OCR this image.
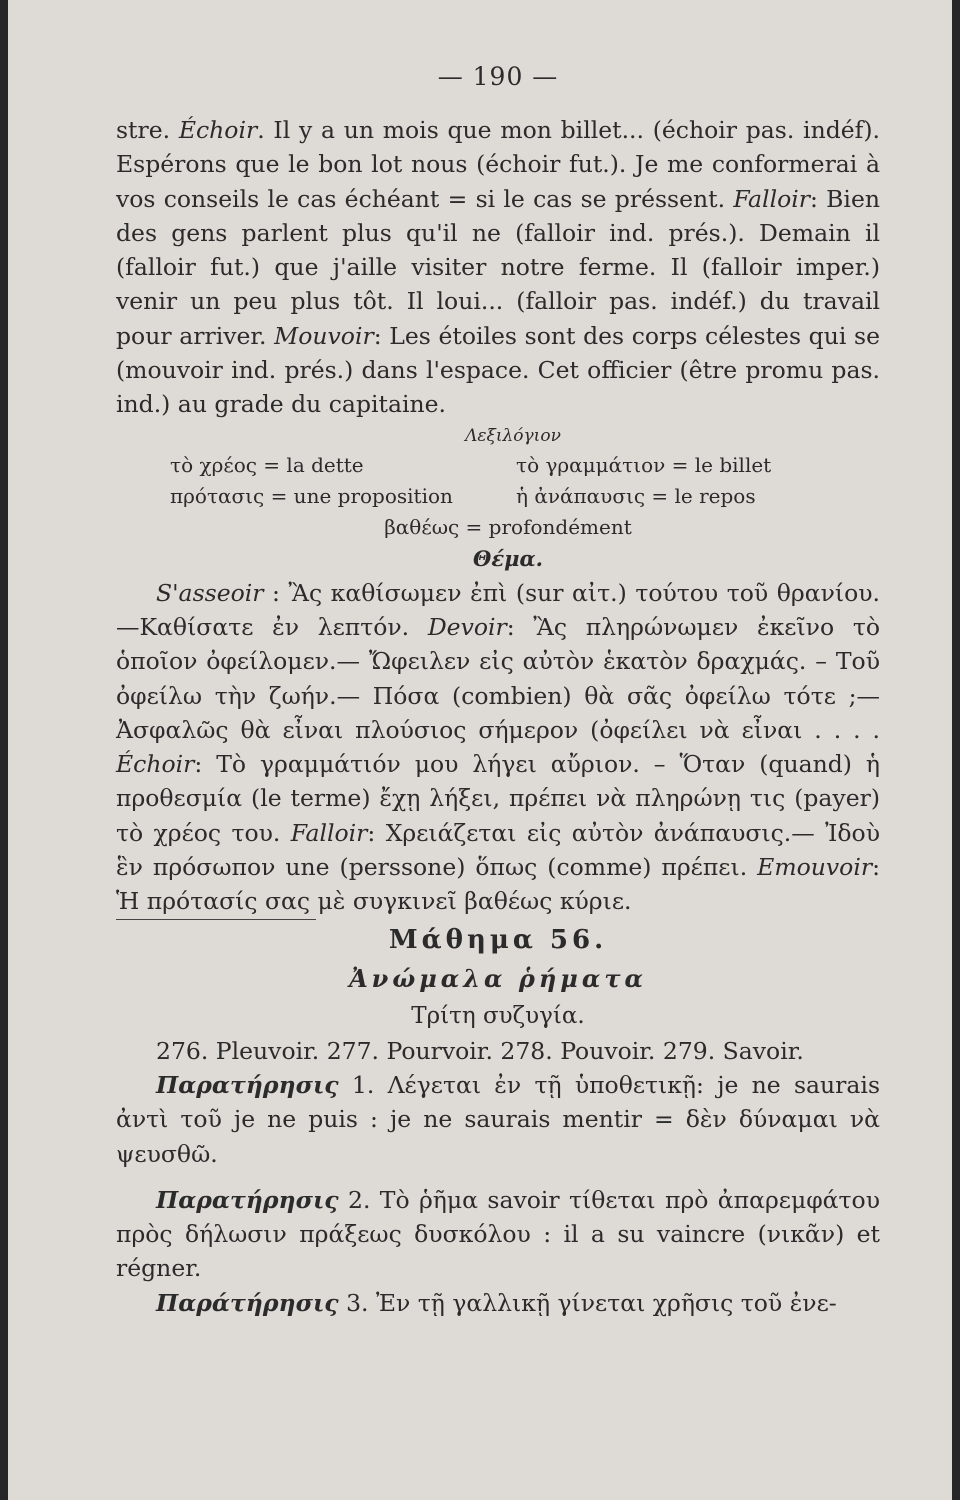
— 190 —

stre. Échoir. Il y a un mois que mon billet... (échoir pas. indéf). Espérons que le bon lot nous (échoir fut.). Je me conformerai à vos conseils le cas échéant = si le cas se préssent. Falloir: Bien des gens parlent plus qu'il ne (falloir ind. prés.). Demain il (falloir fut.) que j'aille visiter notre ferme. Il (falloir imper.) venir un peu plus tôt. Il loui... (falloir pas. indéf.) du travail pour arriver. Mouvoir: Les étoiles sont des corps célestes qui se (mouvoir ind. prés.) dans l'espace. Cet officier (être promu pas. ind.) au grade du capitaine.

Λεξιλόγιον
τὸ χρέος = la dette	τὸ γραμμάτιον = le billet
πρότασις = une proposition	ἡ ἀνάπαυσις = le repos
βαθέως = profondément
Θέμα.

S'asseoir : Ἂς καθίσωμεν ἐπὶ (sur αἰτ.) τούτου τοῦ θρανίου.—Καθίσατε ἐν λεπτόν. Devoir: Ἂς πληρώνωμεν ἐκεῖνο τὸ ὁποῖον ὀφείλομεν.— Ὤφειλεν εἰς αὐτὸν ἑκατὸν δραχμάς. – Τοῦ ὀφείλω τὴν ζωήν.— Πόσα (combien) θὰ σᾶς ὀφείλω τότε ;— Ἀσφαλῶς θὰ εἶναι πλούσιος σήμερον (ὀφείλει νὰ εἶναι . . . . Échoir: Τὸ γραμμάτιόν μου λήγει αὔριον. – Ὅταν (quand) ἡ προθεσμία (le terme) ἔχῃ λήξει, πρέπει νὰ πληρώνῃ τις (payer) τὸ χρέος του. Falloir: Χρειάζεται εἰς αὐτὸν ἀνάπαυσις.— Ἰδοὺ ἓν πρόσωπον une (perssone) ὅπως (comme) πρέπει. Emouvoir: Ἡ πρότασίς σας μὲ συγκινεῖ βαθέως κύριε.

Μάθημα 56.
Ἀνώμαλα ῥήματα
Τρίτη συζυγία.

276. Pleuvoir. 277. Pourvoir. 278. Pouvoir. 279. Savoir.

Παρατήρησις 1. Λέγεται ἐν τῇ ὑποθετικῇ: je ne saurais ἀντὶ τοῦ je ne puis : je ne saurais mentir = δὲν δύναμαι νὰ ψευσθῶ.

Παρατήρησις 2. Τὸ ῥῆμα savoir τίθεται πρὸ ἀπαρεμφάτου πρὸς δήλωσιν πράξεως δυσκόλου : il a su vaincre (νικᾶν) et régner.

Παράτήρησις 3. Ἐν τῇ γαλλικῇ γίνεται χρῆσις τοῦ ἐνε-
